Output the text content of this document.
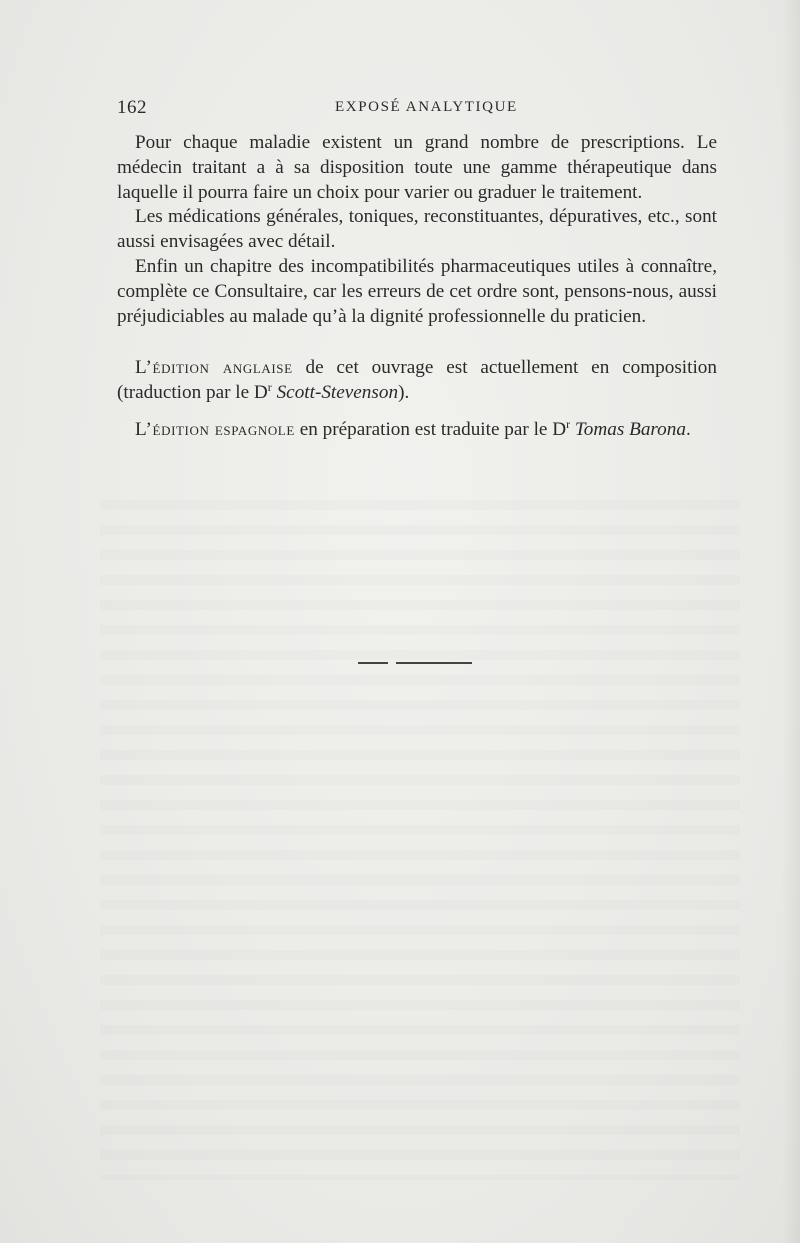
162	EXPOSÉ ANALYTIQUE

Pour chaque maladie existent un grand nombre de prescriptions. Le médecin traitant a à sa disposition toute une gamme thérapeutique dans laquelle il pourra faire un choix pour varier ou graduer le traitement.

Les médications générales, toniques, reconstituantes, dépuratives, etc., sont aussi envisagées avec détail.

Enfin un chapitre des incompatibilités pharmaceutiques utiles à connaître, complète ce Consultaire, car les erreurs de cet ordre sont, pensons-nous, aussi préjudiciables au malade qu’à la dignité professionnelle du praticien.

L’édition anglaise de cet ouvrage est actuellement en composition (traduction par le $D^r$ Scott-Stevenson).

L’édition espagnole en préparation est traduite par le $D^r$ Tomas Barona.
